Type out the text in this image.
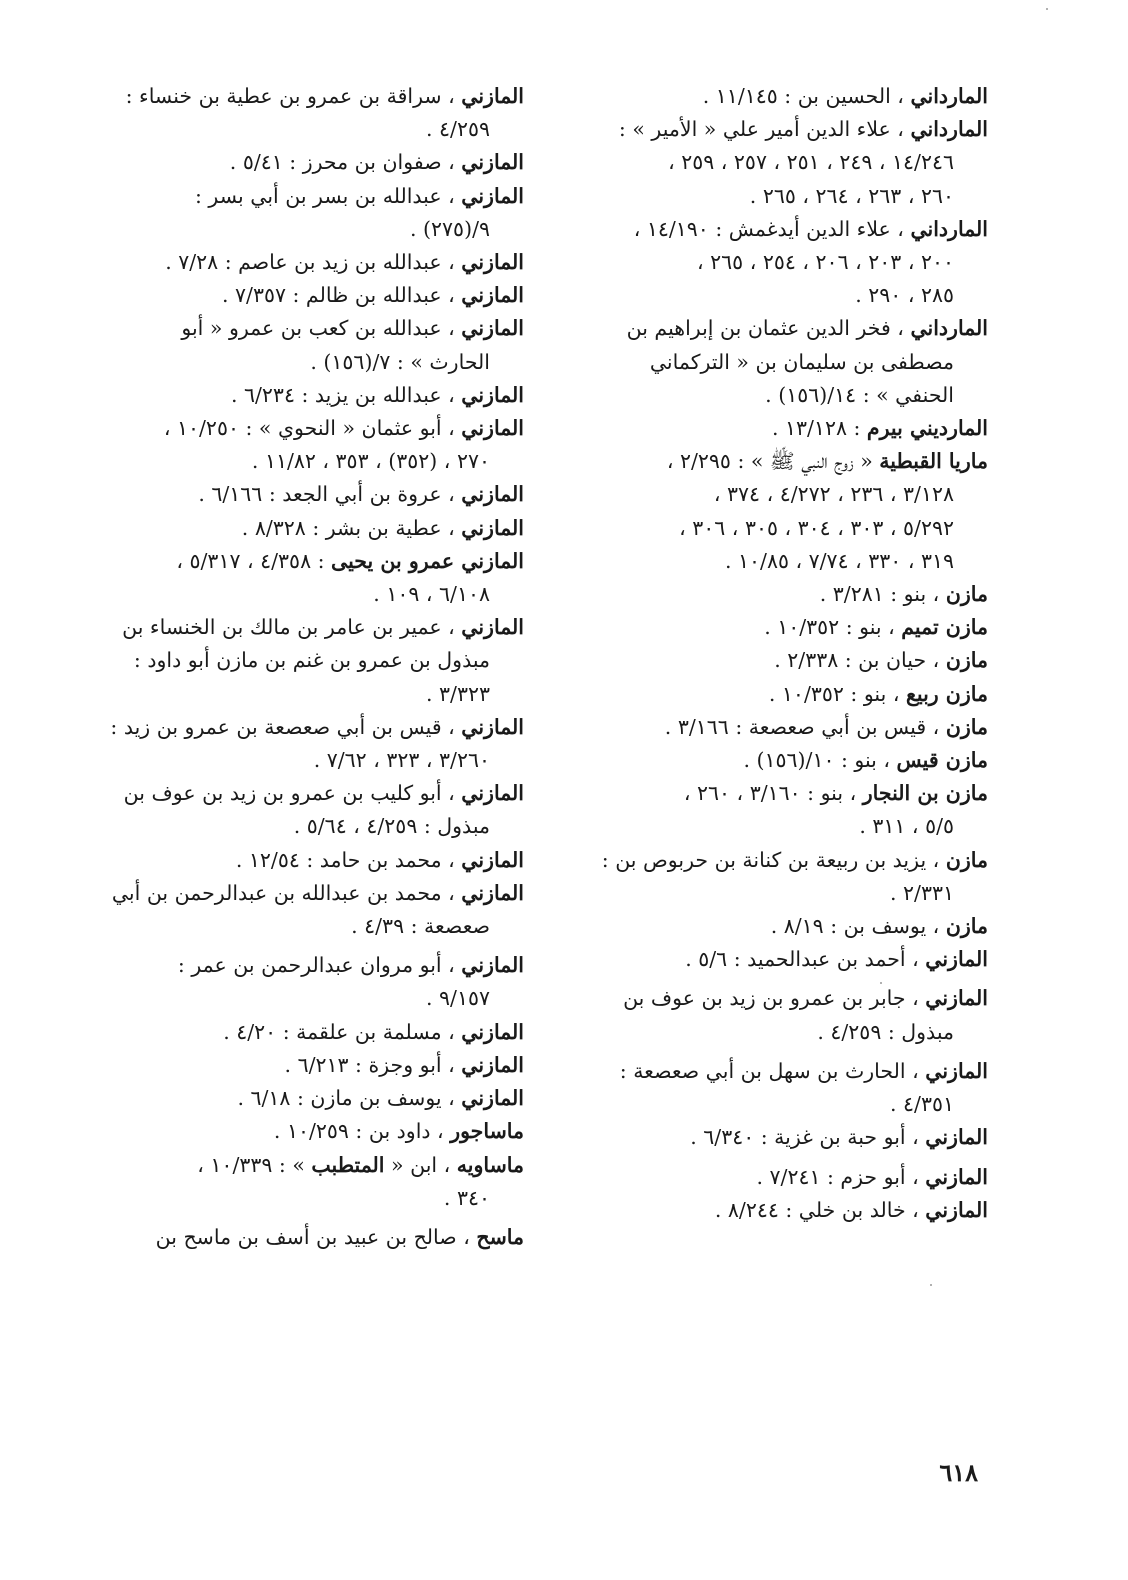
المارداني ، الحسين بن : ١١/١٤٥ .
المارداني ، علاء الدين أمير علي « الأمير » :
١٤/٢٤٦ ، ٢٤٩ ، ٢٥١ ، ٢٥٧ ، ٢٥٩ ،
٢٦٠ ، ٢٦٣ ، ٢٦٤ ، ٢٦٥ .
المارداني ، علاء الدين أيدغمش : ١٤/١٩٠ ،
٢٠٠ ، ٢٠٣ ، ٢٠٦ ، ٢٥٤ ، ٢٦٥ ،
٢٨٥ ، ٢٩٠ .
المارداني ، فخر الدين عثمان بن إبراهيم بن
مصطفى بن سليمان بن « التركماني
الحنفي » : ١٤/(١٥٦) .
الماردیني بيرم : ١٣/١٢٨ .
ماريا القبطية « زوج النبي ﷺ » : ٢/٢٩٥ ،
٣/١٢٨ ، ٢٣٦ ، ٤/٢٧٢ ، ٣٧٤ ،
٥/٢٩٢ ، ٣٠٣ ، ٣٠٤ ، ٣٠٥ ، ٣٠٦ ،
٣١٩ ، ٣٣٠ ، ٧/٧٤ ، ١٠/٨٥ .
مازن ، بنو : ٣/٢٨١ .
مازن تميم ، بنو : ١٠/٣٥٢ .
مازن ، حيان بن : ٢/٣٣٨ .
مازن ربيع ، بنو : ١٠/٣٥٢ .
مازن ، قيس بن أبي صعصعة : ٣/١٦٦ .
مازن قيس ، بنو : ١٠/(١٥٦) .
مازن بن النجار ، بنو : ٣/١٦٠ ، ٢٦٠ ،
٥/٥ ، ٣١١ .
مازن ، يزيد بن ربيعة بن كنانة بن حربوص بن :
٢/٣٣١ .
مازن ، يوسف بن : ٨/١٩ .
المازني ، أحمد بن عبدالحميد : ٥/٦ .
المازني ، جابر بن عمرو بن زيد بن عوف بن
مبذول : ٤/٢٥٩ .
المازني ، الحارث بن سهل بن أبي صعصعة :
٤/٣٥١ .
المازني ، أبو حبة بن غزية : ٦/٣٤٠ .
المازني ، أبو حزم : ٧/٢٤١ .
المازني ، خالد بن خلي : ٨/٢٤٤ .
المازني ، سراقة بن عمرو بن عطية بن خنساء :
٤/٢٥٩ .
المازني ، صفوان بن محرز : ٥/٤١ .
المازني ، عبدالله بن بسر بن أبي بسر :
٩/(٢٧٥) .
المازني ، عبدالله بن زيد بن عاصم : ٧/٢٨ .
المازني ، عبدالله بن ظالم : ٧/٣٥٧ .
المازني ، عبدالله بن كعب بن عمرو « أبو
الحارث » : ٧/(١٥٦) .
المازني ، عبدالله بن يزيد : ٦/٢٣٤ .
المازني ، أبو عثمان « النحوي » : ١٠/٢٥٠ ،
٢٧٠ ، (٣٥٢) ، ٣٥٣ ، ١١/٨٢ .
المازني ، عروة بن أبي الجعد : ٦/١٦٦ .
المازني ، عطية بن بشر : ٨/٣٢٨ .
المازني عمرو بن يحيى : ٤/٣٥٨ ، ٥/٣١٧ ،
٦/١٠٨ ، ١٠٩ .
المازني ، عمير بن عامر بن مالك بن الخنساء بن
مبذول بن عمرو بن غنم بن مازن أبو داود :
٣/٣٢٣ .
المازني ، قيس بن أبي صعصعة بن عمرو بن زيد :
٣/٢٦٠ ، ٣٢٣ ، ٧/٦٢ .
المازني ، أبو كليب بن عمرو بن زيد بن عوف بن
مبذول : ٤/٢٥٩ ، ٥/٦٤ .
المازني ، محمد بن حامد : ١٢/٥٤ .
المازني ، محمد بن عبدالله بن عبدالرحمن بن أبي
صعصعة : ٤/٣٩ .
المازني ، أبو مروان عبدالرحمن بن عمر :
٩/١٥٧ .
المازني ، مسلمة بن علقمة : ٤/٢٠ .
المازني ، أبو وجزة : ٦/٢١٣ .
المازني ، يوسف بن مازن : ٦/١٨ .
ماساجور ، داود بن : ١٠/٢٥٩ .
ماساويه ، ابن « المتطبب » : ١٠/٣٣٩ ،
٣٤٠ .
ماسح ، صالح بن عبيد بن أسف بن ماسح بن
٦١٨
